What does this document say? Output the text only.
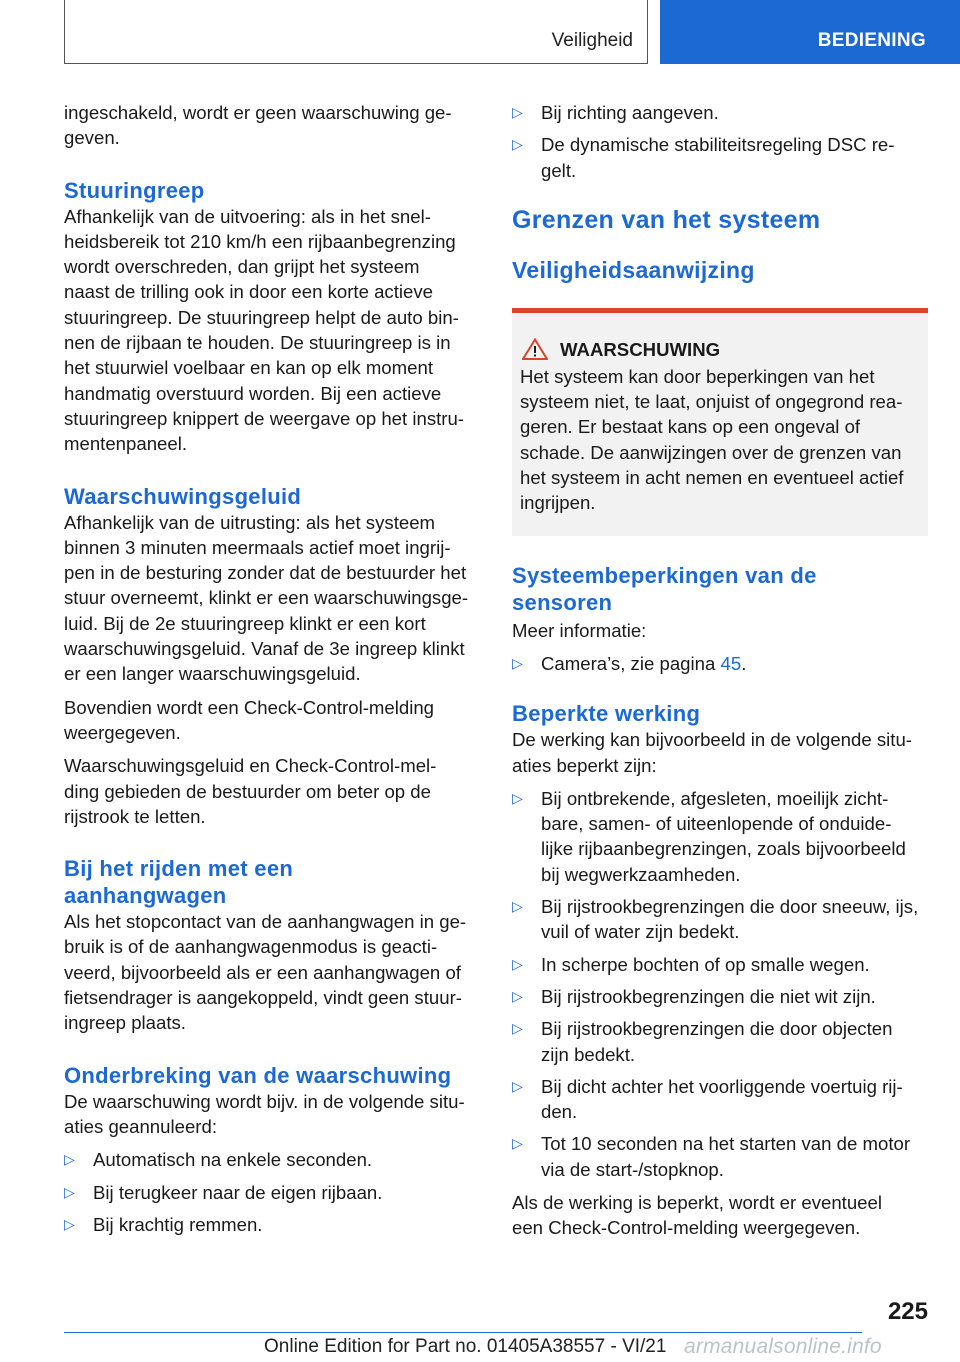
Veiligheid	BEDIENING

ingeschakeld, wordt er geen waarschuwing ge-
geven.

Stuuringreep

Afhankelijk van de uitvoering: als in het snel-
heidsbereik tot 210 km/h een rijbaanbegrenzing
wordt overschreden, dan grijpt het systeem
naast de trilling ook in door een korte actieve
stuuringreep. De stuuringreep helpt de auto bin-
nen de rijbaan te houden. De stuuringreep is in
het stuurwiel voelbaar en kan op elk moment
handmatig overstuurd worden. Bij een actieve
stuuringreep knippert de weergave op het instru-
mentenpaneel.

Waarschuwingsgeluid

Afhankelijk van de uitrusting: als het systeem
binnen 3 minuten meermaals actief moet ingrij-
pen in de besturing zonder dat de bestuurder het
stuur overneemt, klinkt er een waarschuwingsge-
luid. Bij de 2e stuuringreep klinkt er een kort
waarschuwingsgeluid. Vanaf de 3e ingreep klinkt
er een langer waarschuwingsgeluid.

Bovendien wordt een Check-Control-melding
weergegeven.

Waarschuwingsgeluid en Check-Control-mel-
ding gebieden de bestuurder om beter op de
rijstrook te letten.

Bij het rijden met een
aanhangwagen

Als het stopcontact van de aanhangwagen in ge-
bruik is of de aanhangwagenmodus is geacti-
veerd, bijvoorbeeld als er een aanhangwagen of
fietsendrager is aangekoppeld, vindt geen stuur-
ingreep plaats.

Onderbreking van de waarschuwing

De waarschuwing wordt bijv. in de volgende situ-
aties geannuleerd:

▷ Automatisch na enkele seconden.
▷ Bij terugkeer naar de eigen rijbaan.
▷ Bij krachtig remmen.
▷ Bij richting aangeven.
▷ De dynamische stabiliteitsregeling DSC re-
gelt.
Grenzen van het systeem
Veiligheidsaanwijzing
WAARSCHUWING

Het systeem kan door beperkingen van het
systeem niet, te laat, onjuist of ongegrond rea-
geren. Er bestaat kans op een ongeval of
schade. De aanwijzingen over de grenzen van
het systeem in acht nemen en eventueel actief
ingrijpen.

Systeembeperkingen van de
sensoren

Meer informatie:

▷ Camera’s, zie pagina 45.
Beperkte werking

De werking kan bijvoorbeeld in de volgende situ-
aties beperkt zijn:

▷ Bij ontbrekende, afgesleten, moeilijk zicht-
bare, samen- of uiteenlopende of onduide-
lijke rijbaanbegrenzingen, zoals bijvoorbeeld
bij wegwerkzaamheden.
▷ Bij rijstrookbegrenzingen die door sneeuw, ijs,
vuil of water zijn bedekt.
▷ In scherpe bochten of op smalle wegen.
▷ Bij rijstrookbegrenzingen die niet wit zijn.
▷ Bij rijstrookbegrenzingen die door objecten
zijn bedekt.
▷ Bij dicht achter het voorliggende voertuig rij-
den.
▷ Tot 10 seconden na het starten van de motor
via de start-/stopknop.

Als de werking is beperkt, wordt er eventueel
een Check-Control-melding weergegeven.

225
Online Edition for Part no. 01405A38557 - VI/21 armanualsonline.info
